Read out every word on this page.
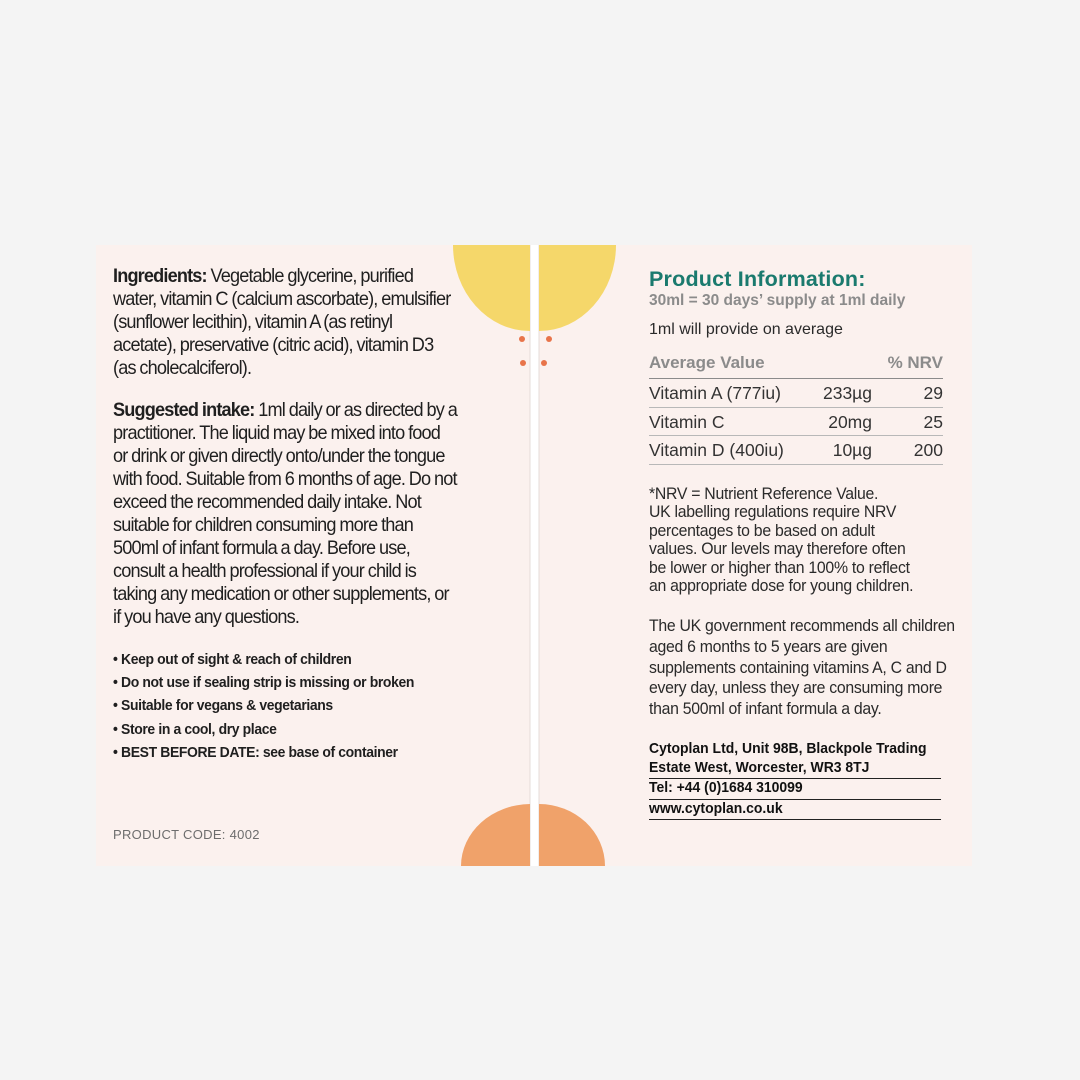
Ingredients: Vegetable glycerine, purified water, vitamin C (calcium ascorbate), emulsifier (sunflower lecithin), vitamin A (as retinyl acetate), preservative (citric acid), vitamin D3 (as cholecalciferol).

Suggested intake: 1ml daily or as directed by a practitioner. The liquid may be mixed into food or drink or given directly onto/under the tongue with food. Suitable from 6 months of age. Do not exceed the recommended daily intake. Not suitable for children consuming more than 500ml of infant formula a day. Before use, consult a health professional if your child is taking any medication or other supplements, or if you have any questions.

• Keep out of sight & reach of children
• Do not use if sealing strip is missing or broken
• Suitable for vegans & vegetarians
• Store in a cool, dry place
• BEST BEFORE DATE: see base of container
PRODUCT CODE: 4002
Product Information:

30ml = 30 days’ supply at 1ml daily

1ml will provide on average

Average Value		% NRV
Vitamin A (777iu)	233µg	29
Vitamin C	20mg	25
Vitamin D (400iu)	10µg	200
*NRV = Nutrient Reference Value.
UK labelling regulations require NRV
percentages to be based on adult
values. Our levels may therefore often
be lower or higher than 100% to reflect
an appropriate dose for young children.

The UK government recommends all children aged 6 months to 5 years are given supplements containing vitamins A, C and D every day, unless they are consuming more than 500ml of infant formula a day.

Cytoplan Ltd, Unit 98B, Blackpole Trading
Estate West, Worcester, WR3 8TJ
Tel: +44 (0)1684 310099
www.cytoplan.co.uk
